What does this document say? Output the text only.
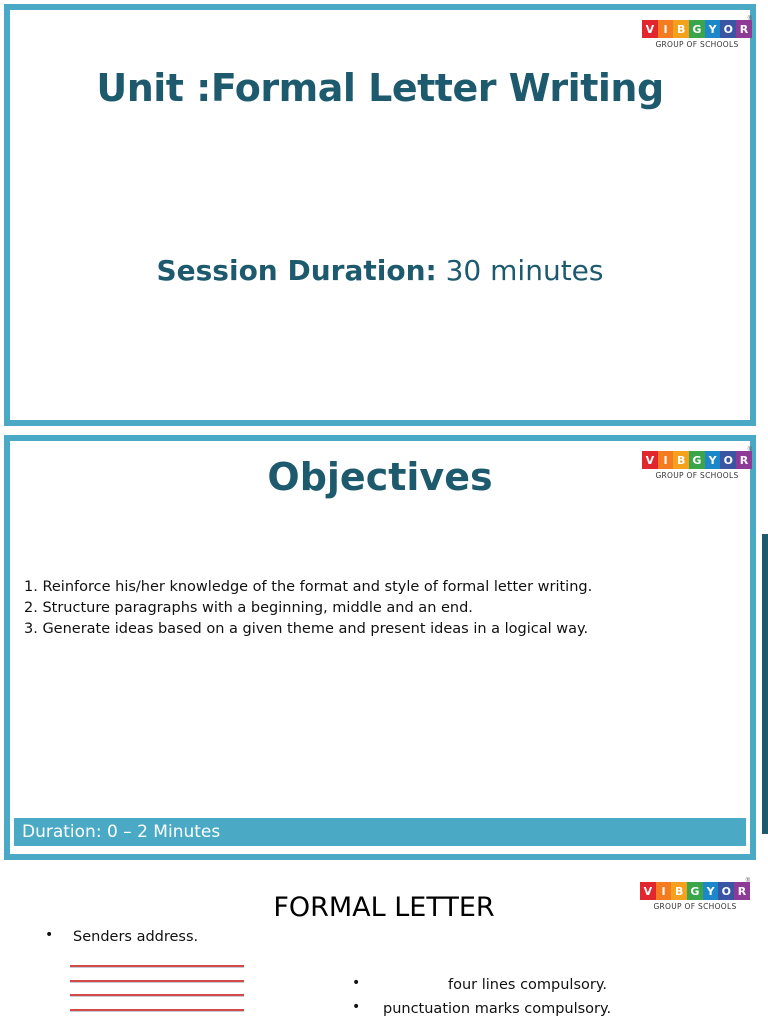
V I B G Y O R
®
GROUP OF SCHOOLS
Unit :Formal Letter Writing
Session Duration: 30 minutes
V I B G Y O R
®
GROUP OF SCHOOLS
Objectives
1. Reinforce his/her knowledge of the format and style of formal letter writing.
2. Structure paragraphs with a beginning, middle and an end.
3. Generate ideas based on a given theme and present ideas in a logical way.
Duration: 0 – 2 Minutes
V I B G Y O R
®
GROUP OF SCHOOLS
FORMAL LETTER
• Senders address.
•	four lines compulsory.
• punctuation marks compulsory.
